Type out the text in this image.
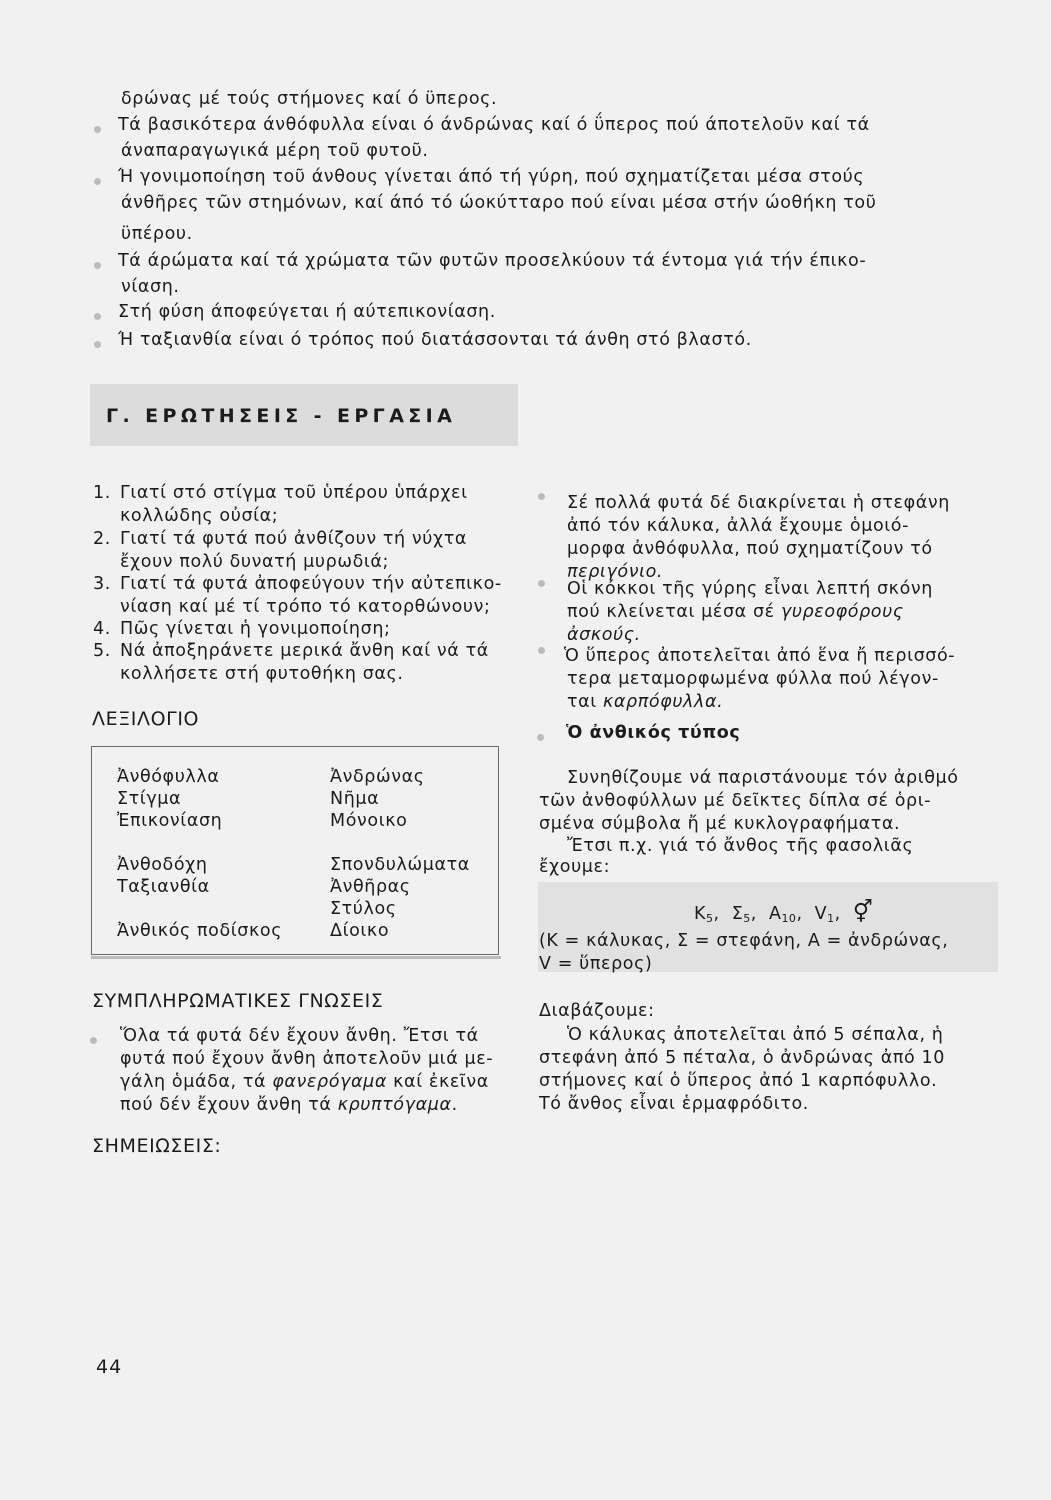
δρώνας μέ τούς στήμονες καί ό ϋπερος.
Τά βασικότερα άνθόφυλλα είναι ό άνδρώνας καί ό ΰπερος πού άποτελοῦν καί τά
άναπαραγωγικά μέρη τοῦ φυτοῦ.
Ή γονιμοποίηση τοῦ άνθους γίνεται άπό τή γύρη, πού σχηματίζεται μέσα στούς
άνθῆρες τῶν στημόνων, καί άπό τό ώοκύτταρο πού είναι μέσα στήν ώοθήκη τοῦ
ϋπέρου.
Τά άρώματα καί τά χρώματα τῶν φυτῶν προσελκύουν τά έντομα γιά τήν έπικο-
νίαση.
Στή φύση άποφεύγεται ή αύτεπικονίαση.
Ή ταξιανθία είναι ό τρόπος πού διατάσσονται τά άνθη στό βλαστό.
Γ. ΕΡΩΤΗΣΕΙΣ - ΕΡΓΑΣΙΑ
1. Γιατί στό στίγμα τοῦ ὑπέρου ὑπάρχει
κολλώδης οὐσία;
2. Γιατί τά φυτά πού ἀνθίζουν τή νύχτα
ἔχουν πολύ δυνατή μυρωδιά;
3. Γιατί τά φυτά ἀποφεύγουν τήν αὐτεπικο-
νίαση καί μέ τί τρόπο τό κατορθώνουν;
4. Πῶς γίνεται ἡ γονιμοποίηση;
5. Νά ἀποξηράνετε μερικά ἄνθη καί νά τά
κολλήσετε στή φυτοθήκη σας.
ΛΕΞΙΛΟΓΙΟ
Ἀνθόφυλλα
Στίγμα
Ἐπικονίαση
Ἀνθοδόχη
Ταξιανθία
Ἀνθικός ποδίσκος
Ἀνδρώνας
Νῆμα
Μόνοικο
Σπονδυλώματα
Ἀνθῆρας
Στύλος
Δίοικο
ΣΥΜΠΛΗΡΩΜΑΤΙΚΕΣ ΓΝΩΣΕΙΣ
Ὅλα τά φυτά δέν ἔχουν ἄνθη. Ἔτσι τά
φυτά πού ἔχουν ἄνθη ἀποτελοῦν μιά με-
γάλη ὁμάδα, τά φανερόγαμα καί ἐκεῖνα
πού δέν ἔχουν ἄνθη τά κρυπτόγαμα.
ΣΗΜΕΙΩΣΕΙΣ:
Σέ πολλά φυτά δέ διακρίνεται ἡ στεφάνη
ἀπό τόν κάλυκα, ἀλλά ἔχουμε ὁμοιό-
μορφα ἀνθόφυλλα, πού σχηματίζουν τό
περιγόνιο.
Οἱ κόκκοι τῆς γύρης εἶναι λεπτή σκόνη
πού κλείνεται μέσα σέ γυρεοφόρους
ἀσκούς.
Ὁ ὕπερος ἀποτελεῖται ἀπό ἕνα ἤ περισσό-
τερα μεταμορφωμένα φύλλα πού λέγον-
ται καρπόφυλλα.
Ὁ ἀνθικός τύπος
Συνηθίζουμε νά παριστάνουμε τόν ἀριθμό
τῶν ἀνθοφύλλων μέ δεῖκτες δίπλα σέ ὁρι-
σμένα σύμβολα ἤ μέ κυκλογραφήματα.
Ἔτσι π.χ. γιά τό ἄνθος τῆς φασολιᾶς
ἔχουμε:
$K_5$,  $\Sigma_5$,  $A_{10}$,  $V_1$,  ⚥
(K = κάλυκας, Σ = στεφάνη, A = ἀνδρώνας,
V = ὕπερος)
Διαβάζουμε:
Ὁ κάλυκας ἀποτελεῖται ἀπό 5 σέπαλα, ἡ
στεφάνη ἀπό 5 πέταλα, ὁ ἀνδρώνας ἀπό 10
στήμονες καί ὁ ὕπερος ἀπό 1 καρπόφυλλο.
Τό ἄνθος εἶναι ἑρμαφρόδιτο.
44
